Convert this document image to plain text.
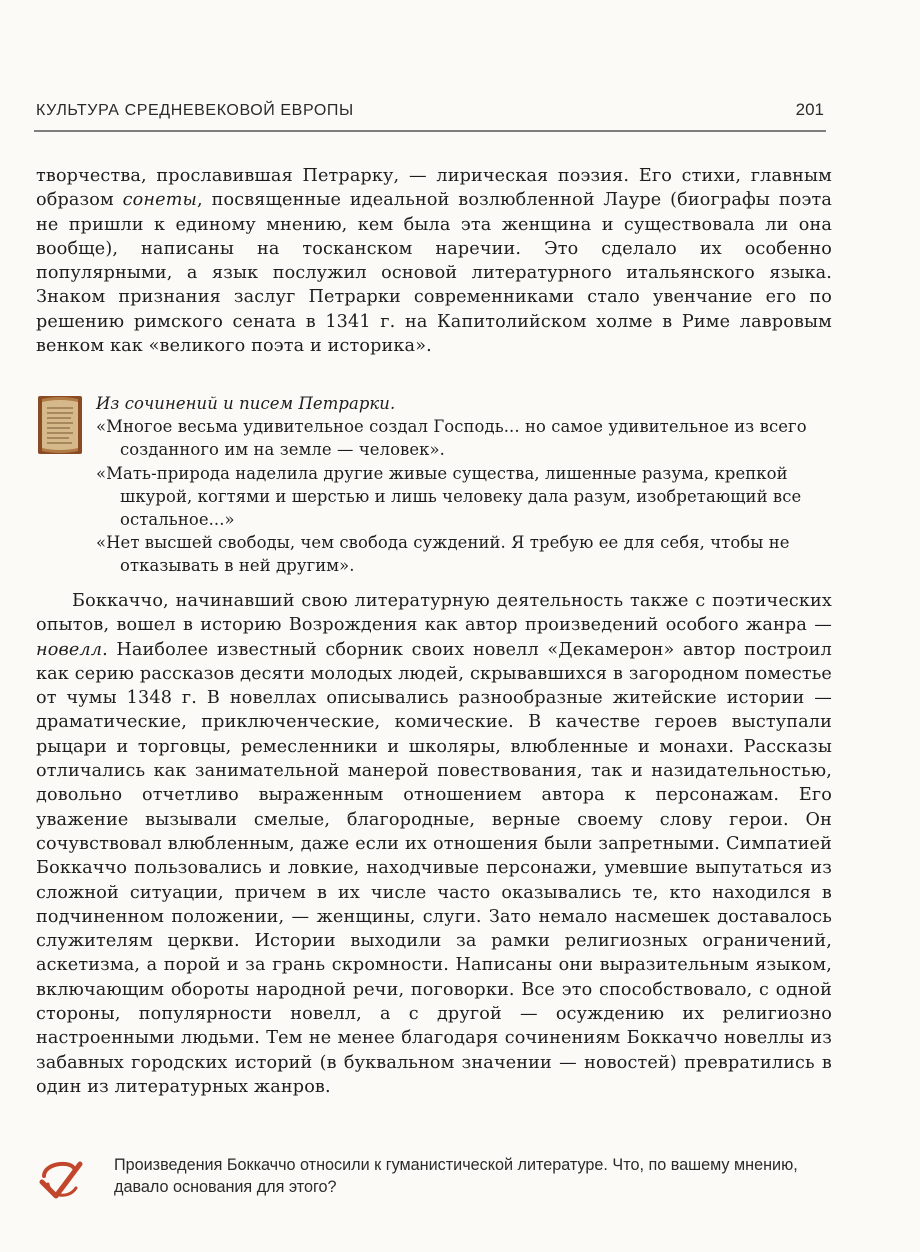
КУЛЬТУРА СРЕДНЕВЕКОВОЙ ЕВРОПЫ	201

творчества, прославившая Петрарку, — лирическая поэзия. Его стихи, главным образом сонеты, посвященные идеальной возлюбленной Лауре (биографы поэта не пришли к единому мнению, кем была эта женщина и существовала ли она вообще), написаны на тосканском наречии. Это сделало их особенно популярными, а язык послужил основой литературного итальянского языка. Знаком признания заслуг Петрарки современниками стало увенчание его по решению римского сената в 1341 г. на Капитолийском холме в Риме лавровым венком как «великого поэта и историка».

Из сочинений и писем Петрарки.

«Многое весьма удивительное создал Господь... но самое удивительное из всего созданного им на земле — человек».

«Мать-природа наделила другие живые существа, лишенные разума, крепкой шкурой, когтями и шерстью и лишь человеку дала разум, изобретающий все остальное...»

«Нет высшей свободы, чем свобода суждений. Я требую ее для себя, чтобы не отказывать в ней другим».

Боккаччо, начинавший свою литературную деятельность также с поэтических опытов, вошел в историю Возрождения как автор произведений особого жанра — новелл. Наиболее известный сборник своих новелл «Декамерон» автор построил как серию рассказов десяти молодых людей, скрывавшихся в загородном поместье от чумы 1348 г. В новеллах описывались разнообразные житейские истории — драматические, приключенческие, комические. В качестве героев выступали рыцари и торговцы, ремесленники и школяры, влюбленные и монахи. Рассказы отличались как занимательной манерой повествования, так и назидательностью, довольно отчетливо выраженным отношением автора к персонажам. Его уважение вызывали смелые, благородные, верные своему слову герои. Он сочувствовал влюбленным, даже если их отношения были запретными. Симпатией Боккаччо пользовались и ловкие, находчивые персонажи, умевшие выпутаться из сложной ситуации, причем в их числе часто оказывались те, кто находился в подчиненном положении, — женщины, слуги. Зато немало насмешек доставалось служителям церкви. Истории выходили за рамки религиозных ограничений, аскетизма, а порой и за грань скромности. Написаны они выразительным языком, включающим обороты народной речи, поговорки. Все это способствовало, с одной стороны, популярности новелл, а с другой — осуждению их религиозно настроенными людьми. Тем не менее благодаря сочинениям Боккаччо новеллы из забавных городских историй (в буквальном значении — новостей) превратились в один из литературных жанров.

Произведения Боккаччо относили к гуманистической литературе. Что, по вашему мнению, давало основания для этого?
